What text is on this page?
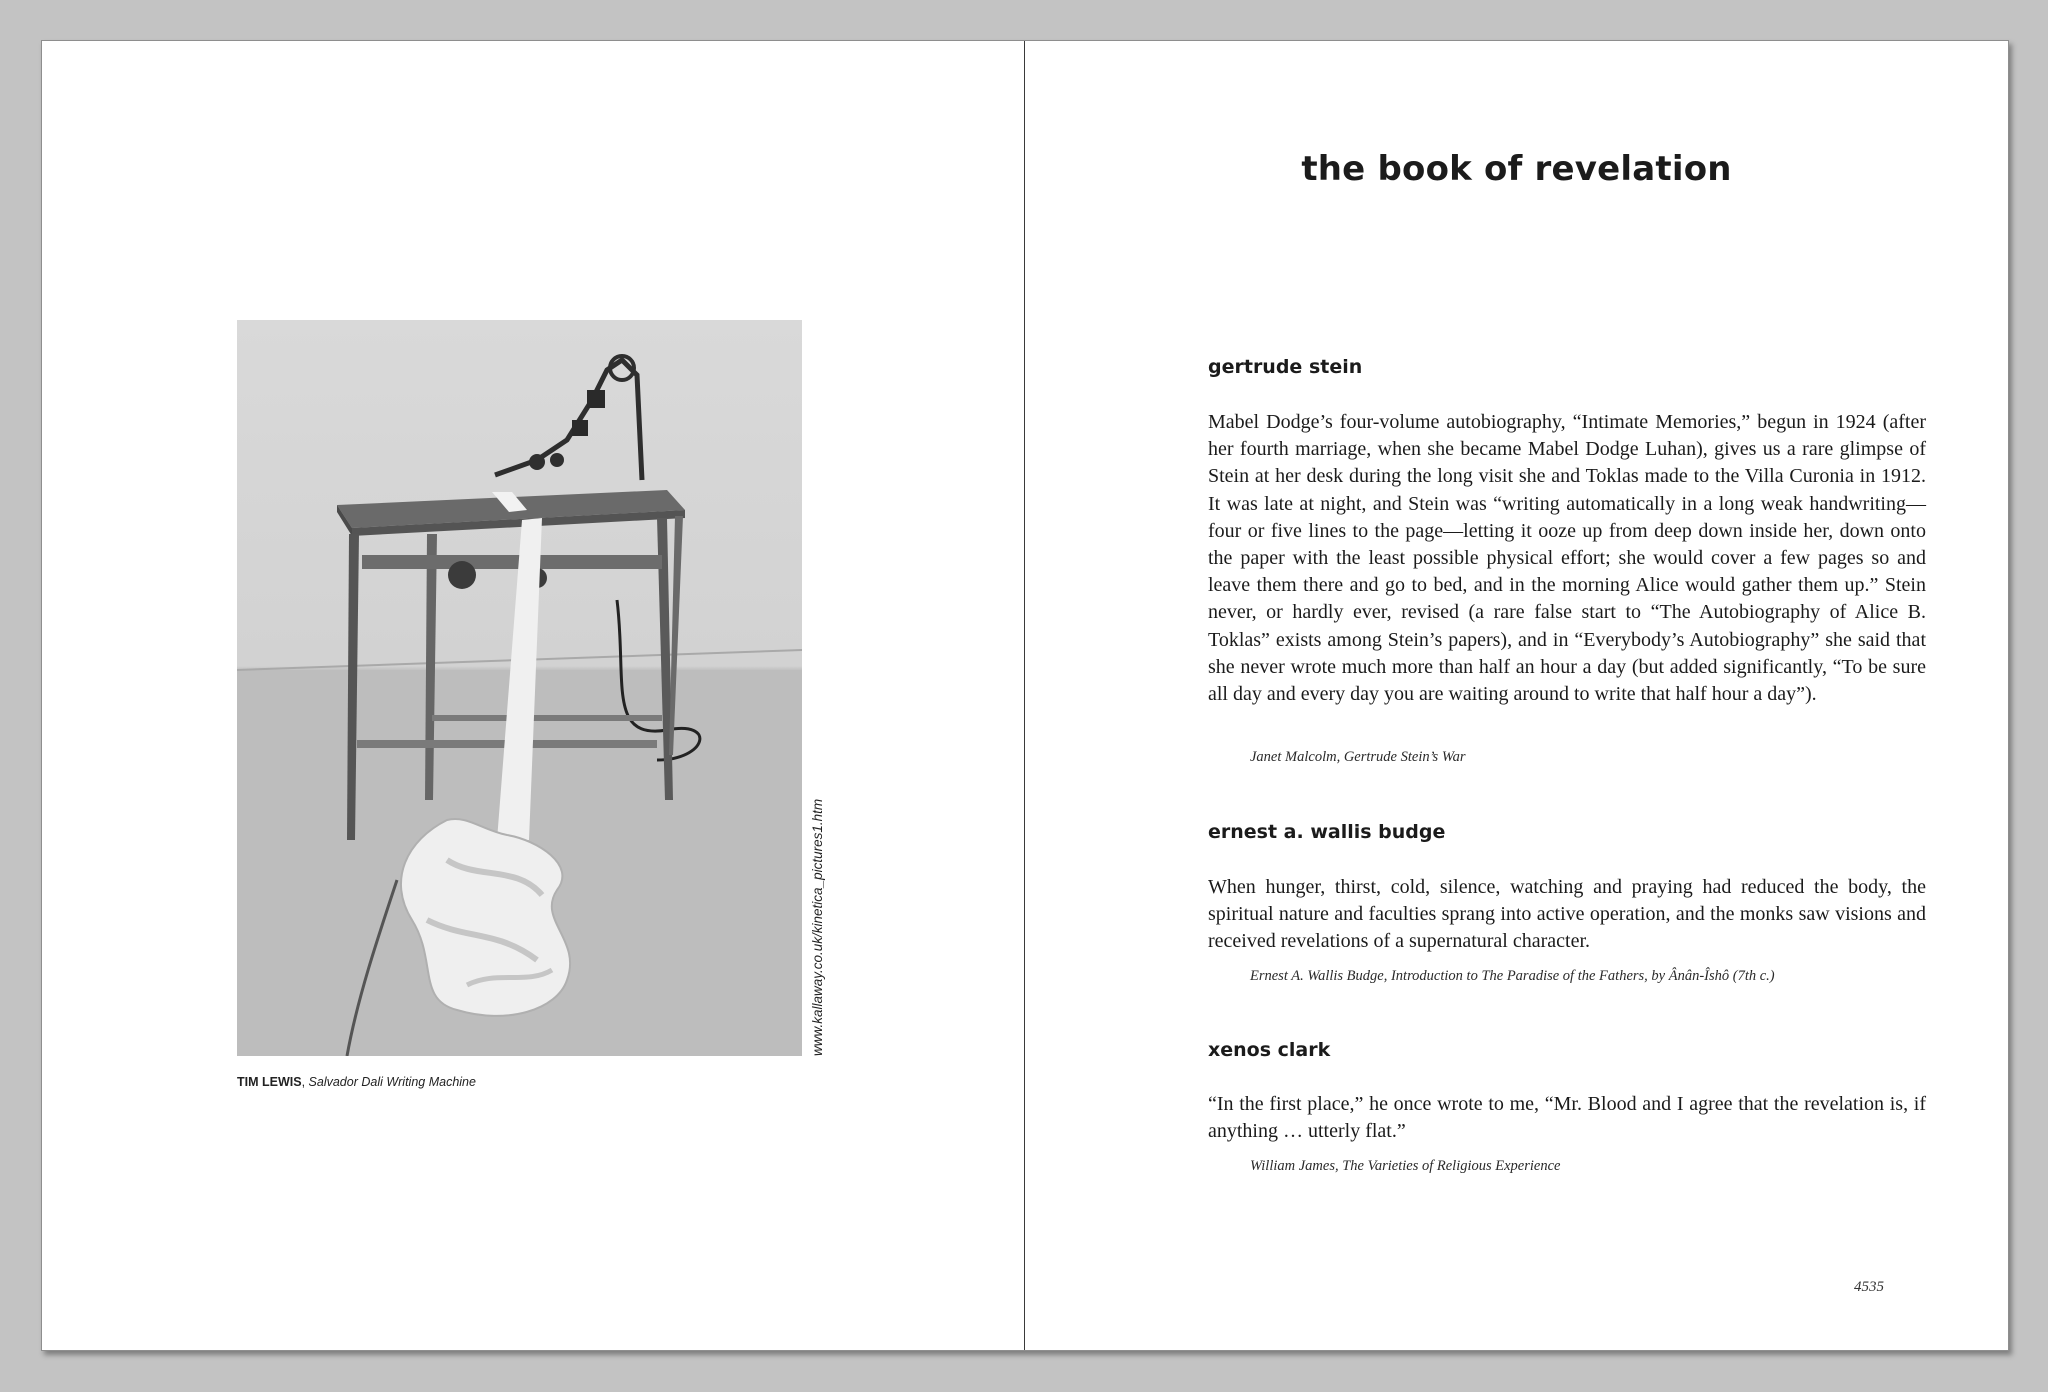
www.kallaway.co.uk/kinetica_pictures1.htm
TIM LEWIS, Salvador Dali Writing Machine
the book of revelation
gertrude stein

Mabel Dodge’s four-volume autobiography, “Intimate Memories,” begun in 1924 (after her fourth marriage, when she became Mabel Dodge Luhan), gives us a rare glimpse of Stein at her desk during the long visit she and Toklas made to the Villa Curonia in 1912. It was late at night, and Stein was “writing automatically in a long weak handwriting—four or five lines to the page—letting it ooze up from deep down inside her, down onto the paper with the least possible physical effort; she would cover a few pages so and leave them there and go to bed, and in the morning Alice would gather them up.” Stein never, or hardly ever, revised (a rare false start to “The Autobiography of Alice B. Toklas” exists among Stein’s papers), and in “Everybody’s Autobiography” she said that she never wrote much more than half an hour a day (but added significantly, “To be sure all day and every day you are waiting around to write that half hour a day”).

Janet Malcolm, Gertrude Stein’s War
ernest a. wallis budge

When hunger, thirst, cold, silence, watching and praying had reduced the body, the spiritual nature and faculties sprang into active operation, and the monks saw visions and received revelations of a supernatural character.

Ernest A. Wallis Budge, Introduction to The Paradise of the Fathers, by Ânân-Îshô (7th c.)
xenos clark

“In the first place,” he once wrote to me, “Mr. Blood and I agree that the revelation is, if anything … utterly flat.”

William James, The Varieties of Religious Experience
4535
